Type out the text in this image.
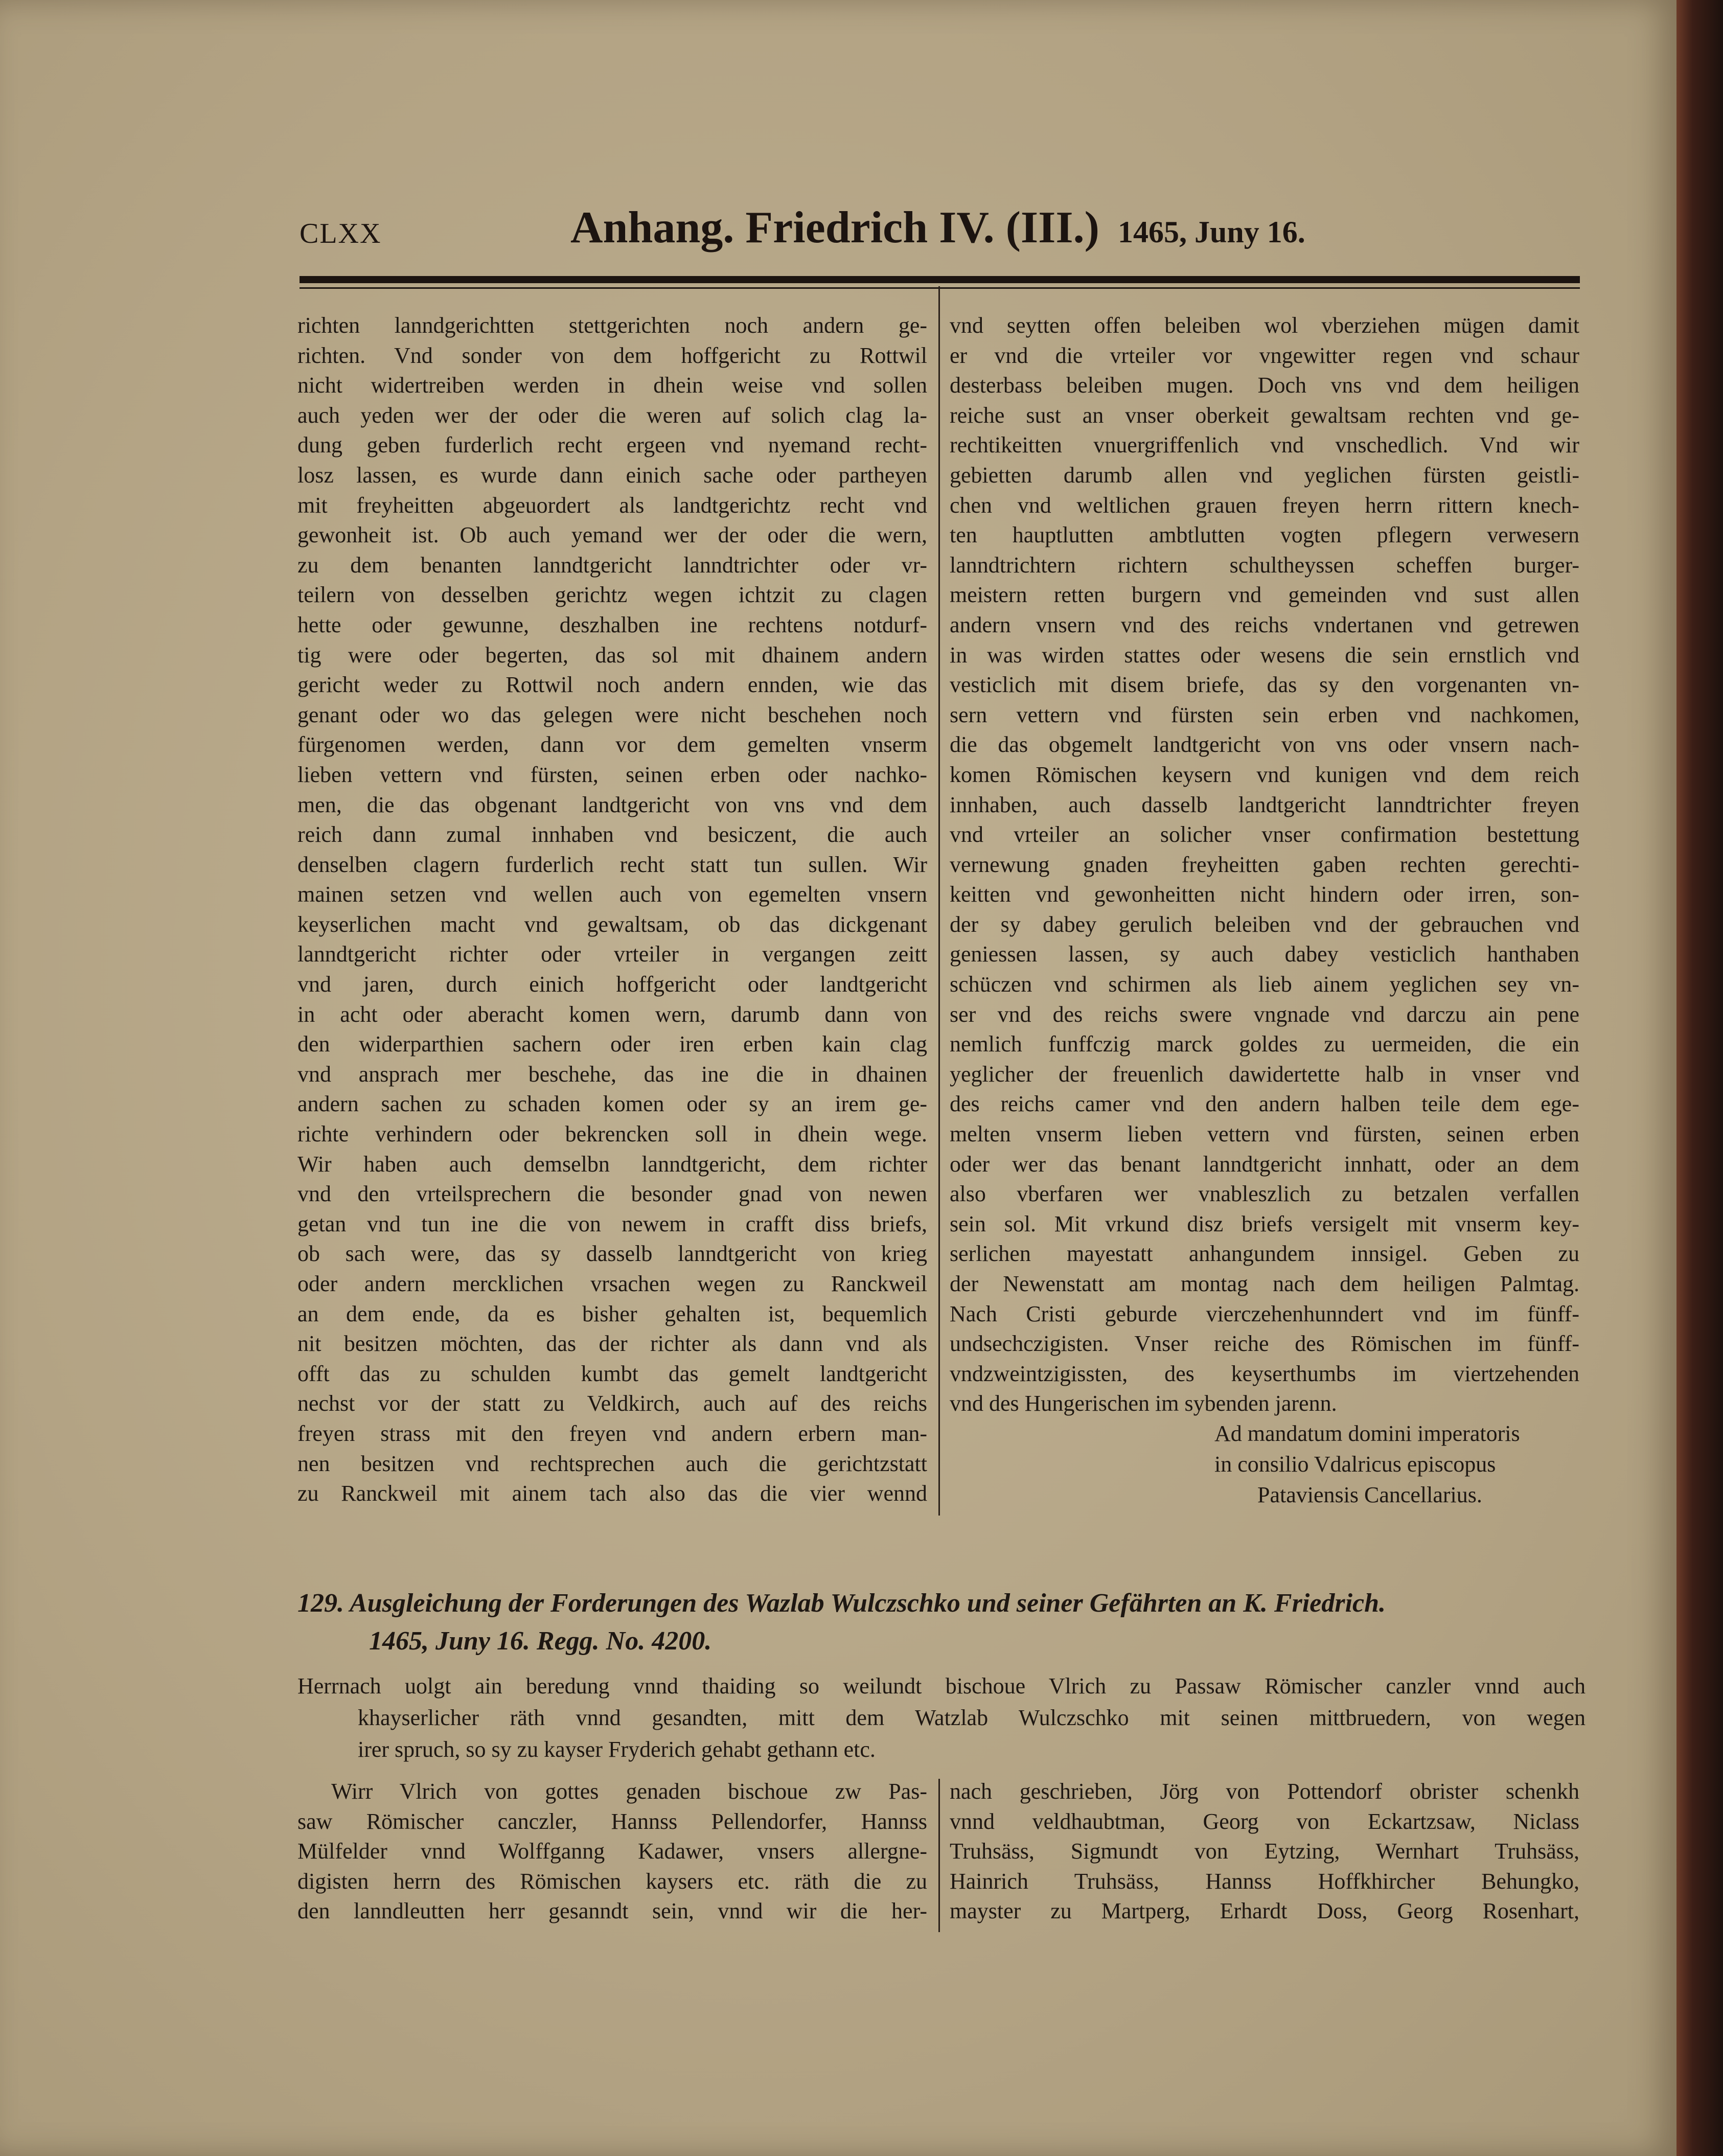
CLXX	Anhang. Friedrich IV. (III.) 1465, Juny 16.
richten lanndgerichtten stettgerichten noch andern ge-
richten. Vnd sonder von dem hoffgericht zu Rottwil
nicht widertreiben werden in dhein weise vnd sollen
auch yeden wer der oder die weren auf solich clag la-
dung geben furderlich recht ergeen vnd nyemand recht-
losz lassen, es wurde dann einich sache oder partheyen
mit freyheitten abgeuordert als landtgerichtz recht vnd
gewonheit ist. Ob auch yemand wer der oder die wern,
zu dem benanten lanndtgericht lanndtrichter oder vr-
teilern von desselben gerichtz wegen ichtzit zu clagen
hette oder gewunne, deszhalben ine rechtens notdurf-
tig were oder begerten, das sol mit dhainem andern
gericht weder zu Rottwil noch andern ennden, wie das
genant oder wo das gelegen were nicht beschehen noch
fürgenomen werden, dann vor dem gemelten vnserm
lieben vettern vnd fürsten, seinen erben oder nachko-
men, die das obgenant landtgericht von vns vnd dem
reich dann zumal innhaben vnd besiczent, die auch
denselben clagern furderlich recht statt tun sullen. Wir
mainen setzen vnd wellen auch von egemelten vnsern
keyserlichen macht vnd gewaltsam, ob das dickgenant
lanndtgericht richter oder vrteiler in vergangen zeitt
vnd jaren, durch einich hoffgericht oder landtgericht
in acht oder aberacht komen wern, darumb dann von
den widerparthien sachern oder iren erben kain clag
vnd ansprach mer beschehe, das ine die in dhainen
andern sachen zu schaden komen oder sy an irem ge-
richte verhindern oder bekrencken soll in dhein wege.
Wir haben auch demselbn lanndtgericht, dem richter
vnd den vrteilsprechern die besonder gnad von newen
getan vnd tun ine die von newem in crafft diss briefs,
ob sach were, das sy dasselb lanndtgericht von krieg
oder andern mercklichen vrsachen wegen zu Ranckweil
an dem ende, da es bisher gehalten ist, bequemlich
nit besitzen möchten, das der richter als dann vnd als
offt das zu schulden kumbt das gemelt landtgericht
nechst vor der statt zu Veldkirch, auch auf des reichs
freyen strass mit den freyen vnd andern erbern man-
nen besitzen vnd rechtsprechen auch die gerichtzstatt
zu Ranckweil mit ainem tach also das die vier wennd
vnd seytten offen beleiben wol vberziehen mügen damit
er vnd die vrteiler vor vngewitter regen vnd schaur
desterbass beleiben mugen. Doch vns vnd dem heiligen
reiche sust an vnser oberkeit gewaltsam rechten vnd ge-
rechtikeitten vnuergriffenlich vnd vnschedlich. Vnd wir
gebietten darumb allen vnd yeglichen fürsten geistli-
chen vnd weltlichen grauen freyen herrn rittern knech-
ten hauptlutten ambtlutten vogten pflegern verwesern
lanndtrichtern richtern schultheyssen scheffen burger-
meistern retten burgern vnd gemeinden vnd sust allen
andern vnsern vnd des reichs vndertanen vnd getrewen
in was wirden stattes oder wesens die sein ernstlich vnd
vesticlich mit disem briefe, das sy den vorgenanten vn-
sern vettern vnd fürsten sein erben vnd nachkomen,
die das obgemelt landtgericht von vns oder vnsern nach-
komen Römischen keysern vnd kunigen vnd dem reich
innhaben, auch dasselb landtgericht lanndtrichter freyen
vnd vrteiler an solicher vnser confirmation bestettung
vernewung gnaden freyheitten gaben rechten gerechti-
keitten vnd gewonheitten nicht hindern oder irren, son-
der sy dabey gerulich beleiben vnd der gebrauchen vnd
geniessen lassen, sy auch dabey vesticlich hanthaben
schüczen vnd schirmen als lieb ainem yeglichen sey vn-
ser vnd des reichs swere vngnade vnd darczu ain pene
nemlich funffczig marck goldes zu uermeiden, die ein
yeglicher der freuenlich dawidertette halb in vnser vnd
des reichs camer vnd den andern halben teile dem ege-
melten vnserm lieben vettern vnd fürsten, seinen erben
oder wer das benant lanndtgericht innhatt, oder an dem
also vberfaren wer vnableszlich zu betzalen verfallen
sein sol. Mit vrkund disz briefs versigelt mit vnserm key-
serlichen mayestatt anhangundem innsigel. Geben zu
der Newenstatt am montag nach dem heiligen Palmtag.
Nach Cristi geburde vierczehenhunndert vnd im fünff-
undsechczigisten. Vnser reiche des Römischen im fünff-
vndzweintzigissten, des keyserthumbs im viertzehenden
vnd des Hungerischen im sybenden jarenn.
Ad mandatum domini imperatoris
in consilio Vdalricus episcopus
Pataviensis Cancellarius.
129. Ausgleichung der Forderungen des Wazlab Wulczschko und seiner Gefährten an K. Friedrich.
1465, Juny 16. Regg. No. 4200.
Herrnach uolgt ain beredung vnnd thaiding so weilundt bischoue Vlrich zu Passaw Römischer canzler vnnd auch
khayserlicher räth vnnd gesandten, mitt dem Watzlab Wulczschko mit seinen mittbruedern, von wegen
irer spruch, so sy zu kayser Fryderich gehabt gethann etc.
Wirr Vlrich von gottes genaden bischoue zw Pas-
saw Römischer canczler, Hannss Pellendorfer, Hannss
Mülfelder vnnd Wolffganng Kadawer, vnsers allergne-
digisten herrn des Römischen kaysers etc. räth die zu
den lanndleutten herr gesanndt sein, vnnd wir die her-
nach geschrieben, Jörg von Pottendorf obrister schenkh
vnnd veldhaubtman, Georg von Eckartzsaw, Niclass
Truhsäss, Sigmundt von Eytzing, Wernhart Truhsäss,
Hainrich Truhsäss, Hannss Hoffkhircher Behungko,
mayster zu Martperg, Erhardt Doss, Georg Rosenhart,
